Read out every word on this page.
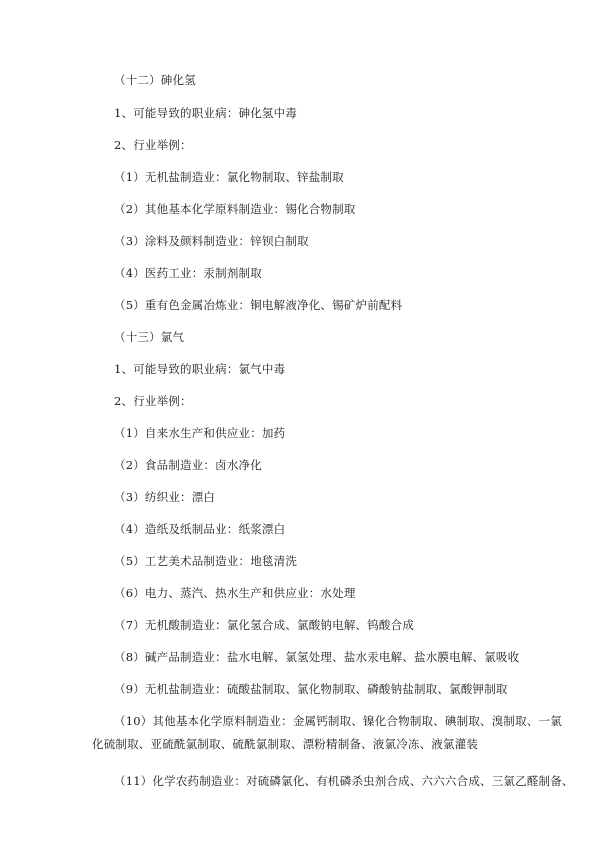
（十二）砷化氢
1、可能导致的职业病：砷化氢中毒
2、行业举例：
（1）无机盐制造业：氯化物制取、锌盐制取
（2）其他基本化学原料制造业：锡化合物制取
（3）涂料及颜料制造业：锌钡白制取
（4）医药工业：汞制剂制取
（5）重有色金属冶炼业：铜电解液净化、锡矿炉前配料
（十三）氯气
1、可能导致的职业病：氯气中毒
2、行业举例：
（1）自来水生产和供应业：加药
（2）食品制造业：卤水净化
（3）纺织业：漂白
（4）造纸及纸制品业：纸浆漂白
（5）工艺美术品制造业：地毯清洗
（6）电力、蒸汽、热水生产和供应业：水处理
（7）无机酸制造业：氯化氢合成、氯酸钠电解、钨酸合成
（8）碱产品制造业：盐水电解、氯氢处理、盐水汞电解、盐水膜电解、氯吸收
（9）无机盐制造业：硫酸盐制取、氯化物制取、磷酸钠盐制取、氯酸钾制取
（10）其他基本化学原料制造业：金属钙制取、镍化合物制取、碘制取、溴制取、一氯
化硫制取、亚硫酰氯制取、硫酰氯制取、漂粉精制备、液氯冷冻、液氯灌装
（11）化学农药制造业：对硫磷氯化、有机磷杀虫剂合成、六六六合成、三氯乙醛制备、
